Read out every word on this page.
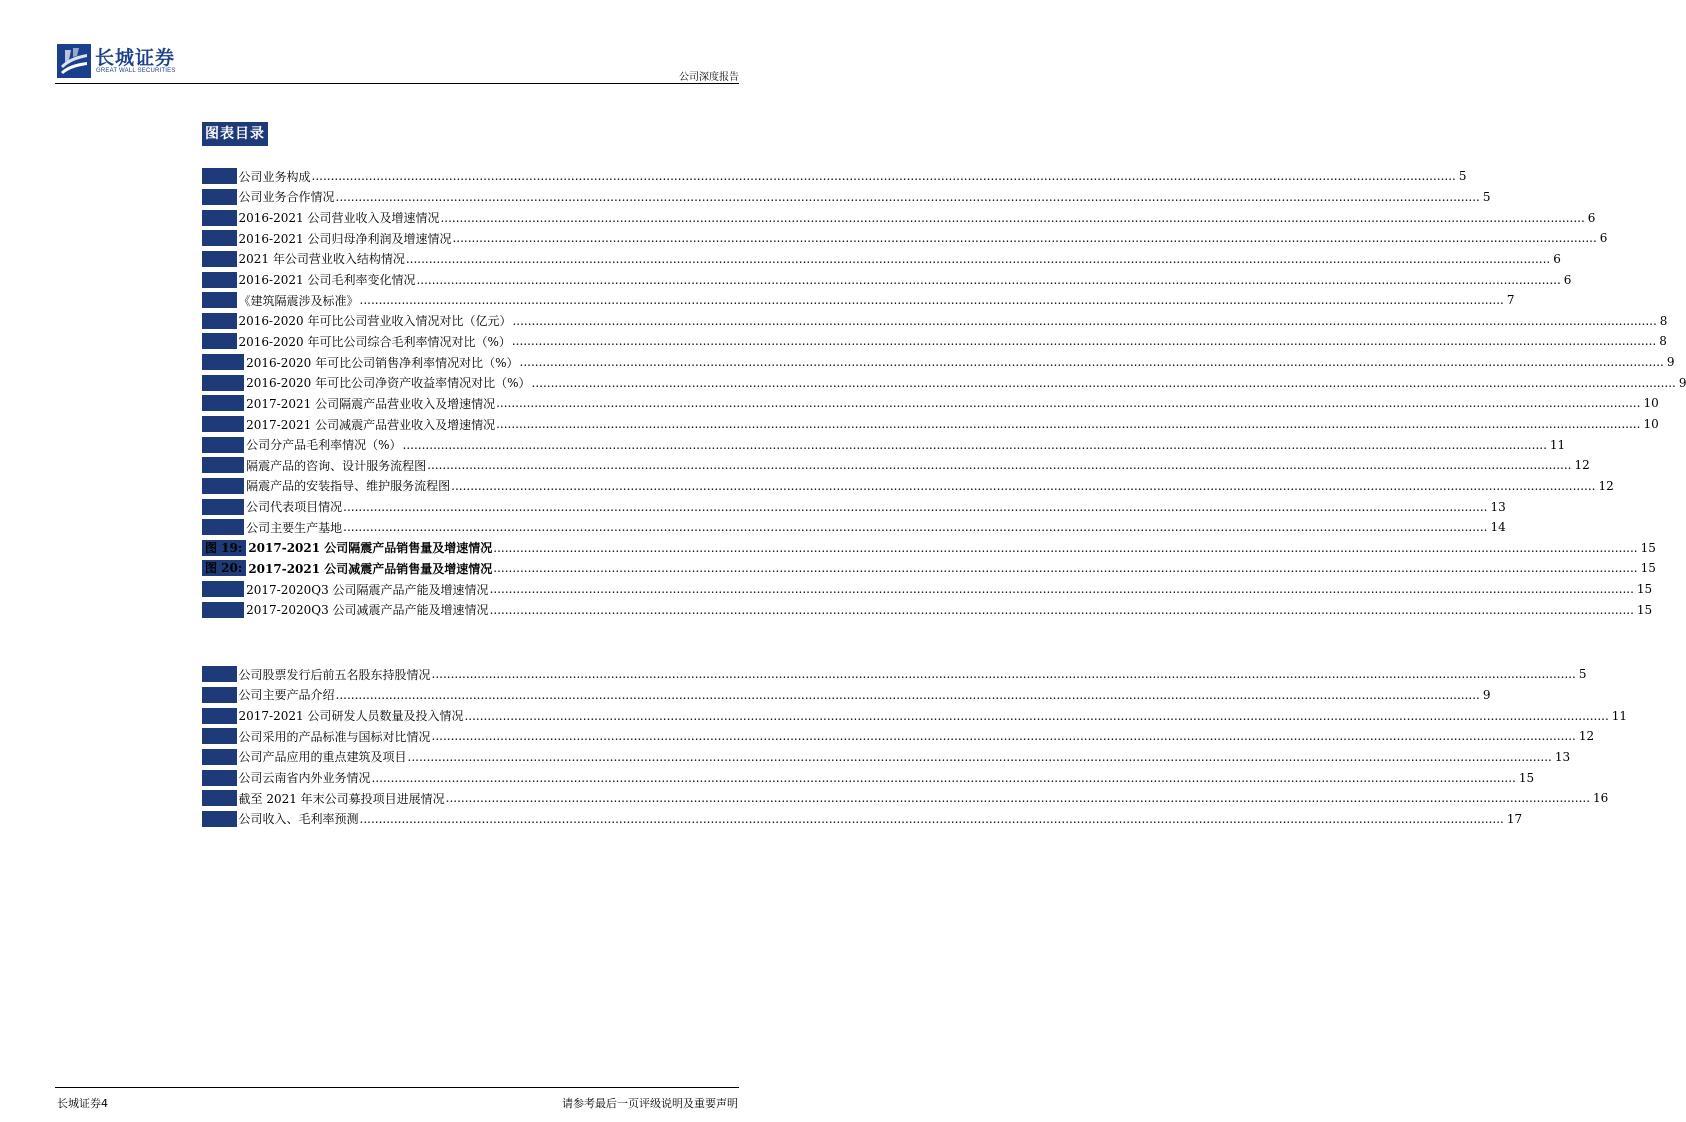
长城证券
GREAT WALL SECURITIES
公司深度报告
图表目录
图 1: 公司业务构成 ............................................................................................................................................................................................................................................................................................................ 5
图 2: 公司业务合作情况 ............................................................................................................................................................................................................................................................................................................ 5
图 3: 2016-2021 公司营业收入及增速情况 ............................................................................................................................................................................................................................................................................................................ 6
图 4: 2016-2021 公司归母净利润及增速情况 ............................................................................................................................................................................................................................................................................................................ 6
图 5: 2021 年公司营业收入结构情况 ............................................................................................................................................................................................................................................................................................................ 6
图 6: 2016-2021 公司毛利率变化情况 ............................................................................................................................................................................................................................................................................................................ 6
图 7: 《建筑隔震涉及标准》 ............................................................................................................................................................................................................................................................................................................ 7
图 8: 2016-2020 年可比公司营业收入情况对比（亿元） ............................................................................................................................................................................................................................................................................................................ 8
图 9: 2016-2020 年可比公司综合毛利率情况对比（%） ............................................................................................................................................................................................................................................................................................................ 8
图 10: 2016-2020 年可比公司销售净利率情况对比（%） ............................................................................................................................................................................................................................................................................................................ 9
图 11: 2016-2020 年可比公司净资产收益率情况对比（%） ............................................................................................................................................................................................................................................................................................................ 9
图 12: 2017-2021 公司隔震产品营业收入及增速情况 ............................................................................................................................................................................................................................................................................................................ 10
图 13: 2017-2021 公司减震产品营业收入及增速情况 ............................................................................................................................................................................................................................................................................................................ 10
图 14: 公司分产品毛利率情况（%） ............................................................................................................................................................................................................................................................................................................ 11
图 15: 隔震产品的咨询、设计服务流程图 ............................................................................................................................................................................................................................................................................................................ 12
图 16: 隔震产品的安装指导、维护服务流程图 ............................................................................................................................................................................................................................................................................................................ 12
图 17: 公司代表项目情况 ............................................................................................................................................................................................................................................................................................................ 13
图 18: 公司主要生产基地 ............................................................................................................................................................................................................................................................................................................ 14
图 19: 2017-2021 公司隔震产品销售量及增速情况 ............................................................................................................................................................................................................................................................................................................ 15
图 20: 2017-2021 公司减震产品销售量及增速情况 ............................................................................................................................................................................................................................................................................................................ 15
图 21: 2017-2020Q3 公司隔震产品产能及增速情况 ............................................................................................................................................................................................................................................................................................................ 15
图 22: 2017-2020Q3 公司减震产品产能及增速情况 ............................................................................................................................................................................................................................................................................................................ 15
表 1: 公司股票发行后前五名股东持股情况 ............................................................................................................................................................................................................................................................................................................ 5
表 2: 公司主要产品介绍 ............................................................................................................................................................................................................................................................................................................ 9
表 3: 2017-2021 公司研发人员数量及投入情况 ............................................................................................................................................................................................................................................................................................................ 11
表 4: 公司采用的产品标准与国标对比情况 ............................................................................................................................................................................................................................................................................................................ 12
表 5: 公司产品应用的重点建筑及项目 ............................................................................................................................................................................................................................................................................................................ 13
表 6: 公司云南省内外业务情况 ............................................................................................................................................................................................................................................................................................................ 15
表 7: 截至 2021 年末公司募投项目进展情况 ............................................................................................................................................................................................................................................................................................................ 16
表 8: 公司收入、毛利率预测 ............................................................................................................................................................................................................................................................................................................ 17
长城证券4	请参考最后一页评级说明及重要声明
